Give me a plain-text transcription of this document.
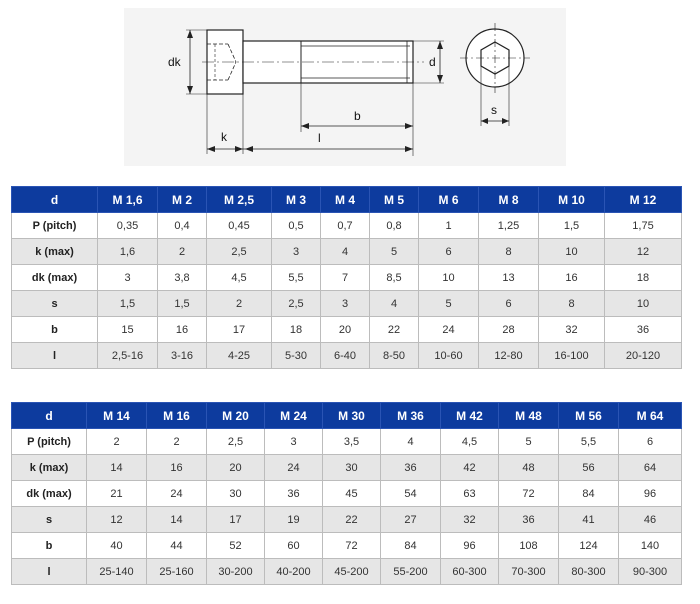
dk	d
b
k	l
s
d	M 1,6	M 2	M 2,5	M 3	M 4	M 5	M 6	M 8	M 10	M 12
P (pitch)	0,35	0,4	0,45	0,5	0,7	0,8	1	1,25	1,5	1,75
k (max)	1,6	2	2,5	3	4	5	6	8	10	12
dk (max)	3	3,8	4,5	5,5	7	8,5	10	13	16	18
s	1,5	1,5	2	2,5	3	4	5	6	8	10
b	15	16	17	18	20	22	24	28	32	36
l	2,5-16	3-16	4-25	5-30	6-40	8-50	10-60	12-80	16-100	20-120
d	M 14	M 16	M 20	M 24	M 30	M 36	M 42	M 48	M 56	M 64
P (pitch)	2	2	2,5	3	3,5	4	4,5	5	5,5	6
k (max)	14	16	20	24	30	36	42	48	56	64
dk (max)	21	24	30	36	45	54	63	72	84	96
s	12	14	17	19	22	27	32	36	41	46
b	40	44	52	60	72	84	96	108	124	140
l	25-140	25-160	30-200	40-200	45-200	55-200	60-300	70-300	80-300	90-300
